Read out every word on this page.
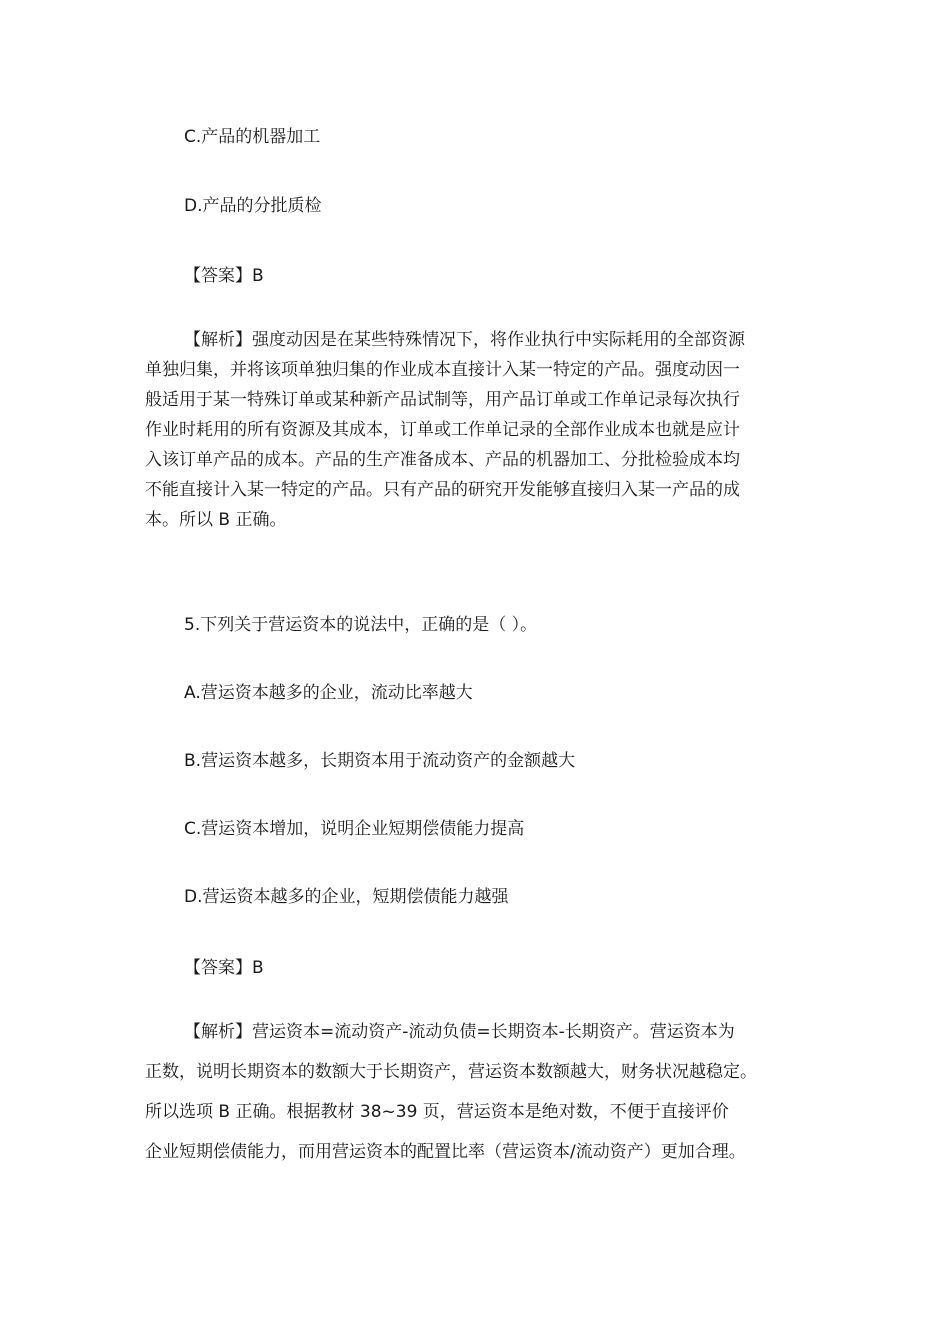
C.产品的机器加工
D.产品的分批质检
【答案】B
【解析】强度动因是在某些特殊情况下，将作业执行中实际耗用的全部资源
单独归集，并将该项单独归集的作业成本直接计入某一特定的产品。强度动因一
般适用于某一特殊订单或某种新产品试制等，用产品订单或工作单记录每次执行
作业时耗用的所有资源及其成本，订单或工作单记录的全部作业成本也就是应计
入该订单产品的成本。产品的生产准备成本、产品的机器加工、分批检验成本均
不能直接计入某一特定的产品。只有产品的研究开发能够直接归入某一产品的成
本。所以 B 正确。
5.下列关于营运资本的说法中，正确的是（ ）。
A.营运资本越多的企业，流动比率越大
B.营运资本越多，长期资本用于流动资产的金额越大
C.营运资本增加，说明企业短期偿债能力提高
D.营运资本越多的企业，短期偿债能力越强
【答案】B
【解析】营运资本=流动资产-流动负债=长期资本-长期资产。营运资本为
正数，说明长期资本的数额大于长期资产，营运资本数额越大，财务状况越稳定。
所以选项 B 正确。根据教材 38~39 页，营运资本是绝对数，不便于直接评价
企业短期偿债能力，而用营运资本的配置比率（营运资本/流动资产）更加合理。
